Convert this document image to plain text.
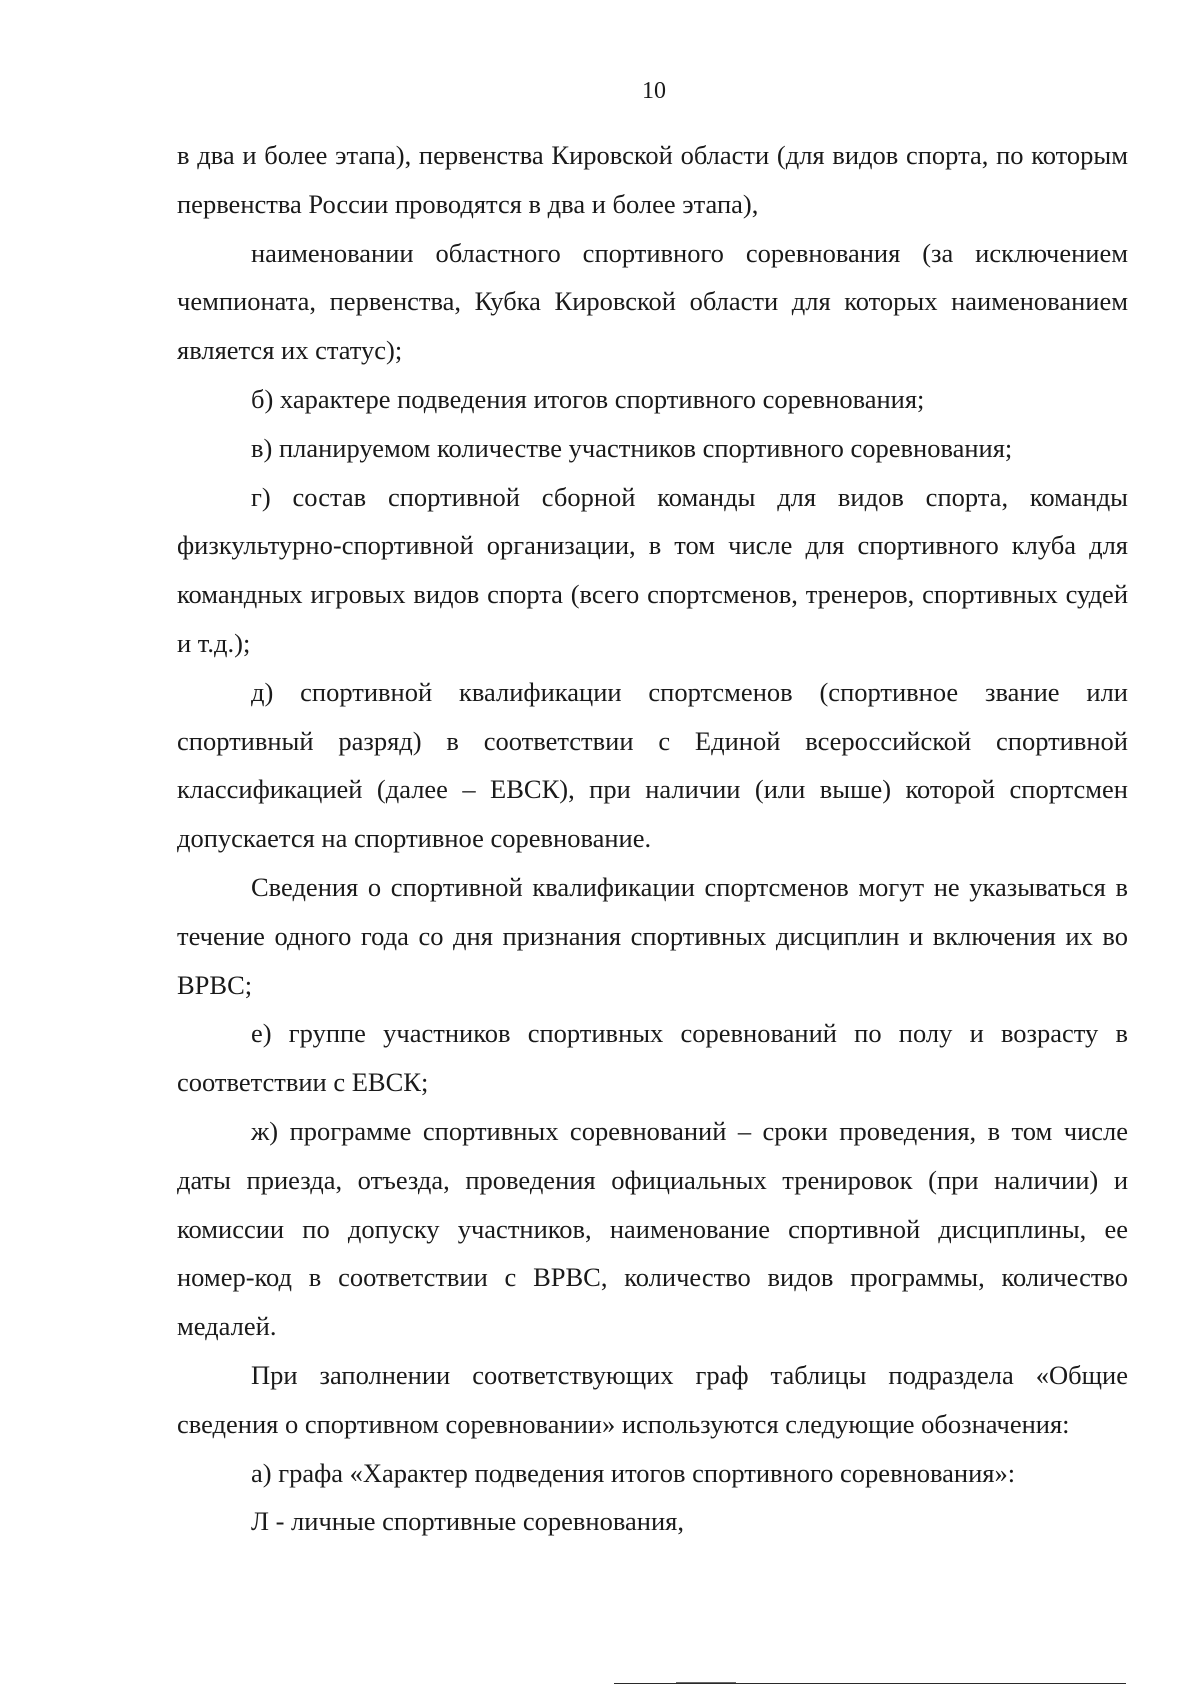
10

в два и более этапа), первенства Кировской области (для видов спорта, по которым первенства России проводятся в два и более этапа),

наименовании областного спортивного соревнования (за исключением чемпионата, первенства, Кубка Кировской области для которых наименованием является их статус);

б) характере подведения итогов спортивного соревнования;

в) планируемом количестве участников спортивного соревнования;

г) состав спортивной сборной команды для видов спорта, команды физкультурно-спортивной организации, в том числе для спортивного клуба для командных игровых видов спорта (всего спортсменов, тренеров, спортивных судей и т.д.);

д) спортивной квалификации спортсменов (спортивное звание или спортивный разряд) в соответствии с Единой всероссийской спортивной классификацией (далее – ЕВСК), при наличии (или выше) которой спортсмен допускается на спортивное соревнование.

Сведения о спортивной квалификации спортсменов могут не указываться в течение одного года со дня признания спортивных дисциплин и включения их во ВРВС;

е) группе участников спортивных соревнований по полу и возрасту в соответствии с ЕВСК;

ж) программе спортивных соревнований – сроки проведения, в том числе даты приезда, отъезда, проведения официальных тренировок (при наличии) и комиссии по допуску участников, наименование спортивной дисциплины, ее номер-код в соответствии с ВРВС, количество видов программы, количество медалей.

При заполнении соответствующих граф таблицы подраздела «Общие сведения о спортивном соревновании» используются следующие обозначения:

а) графа «Характер подведения итогов спортивного соревнования»:

Л - личные спортивные соревнования,
